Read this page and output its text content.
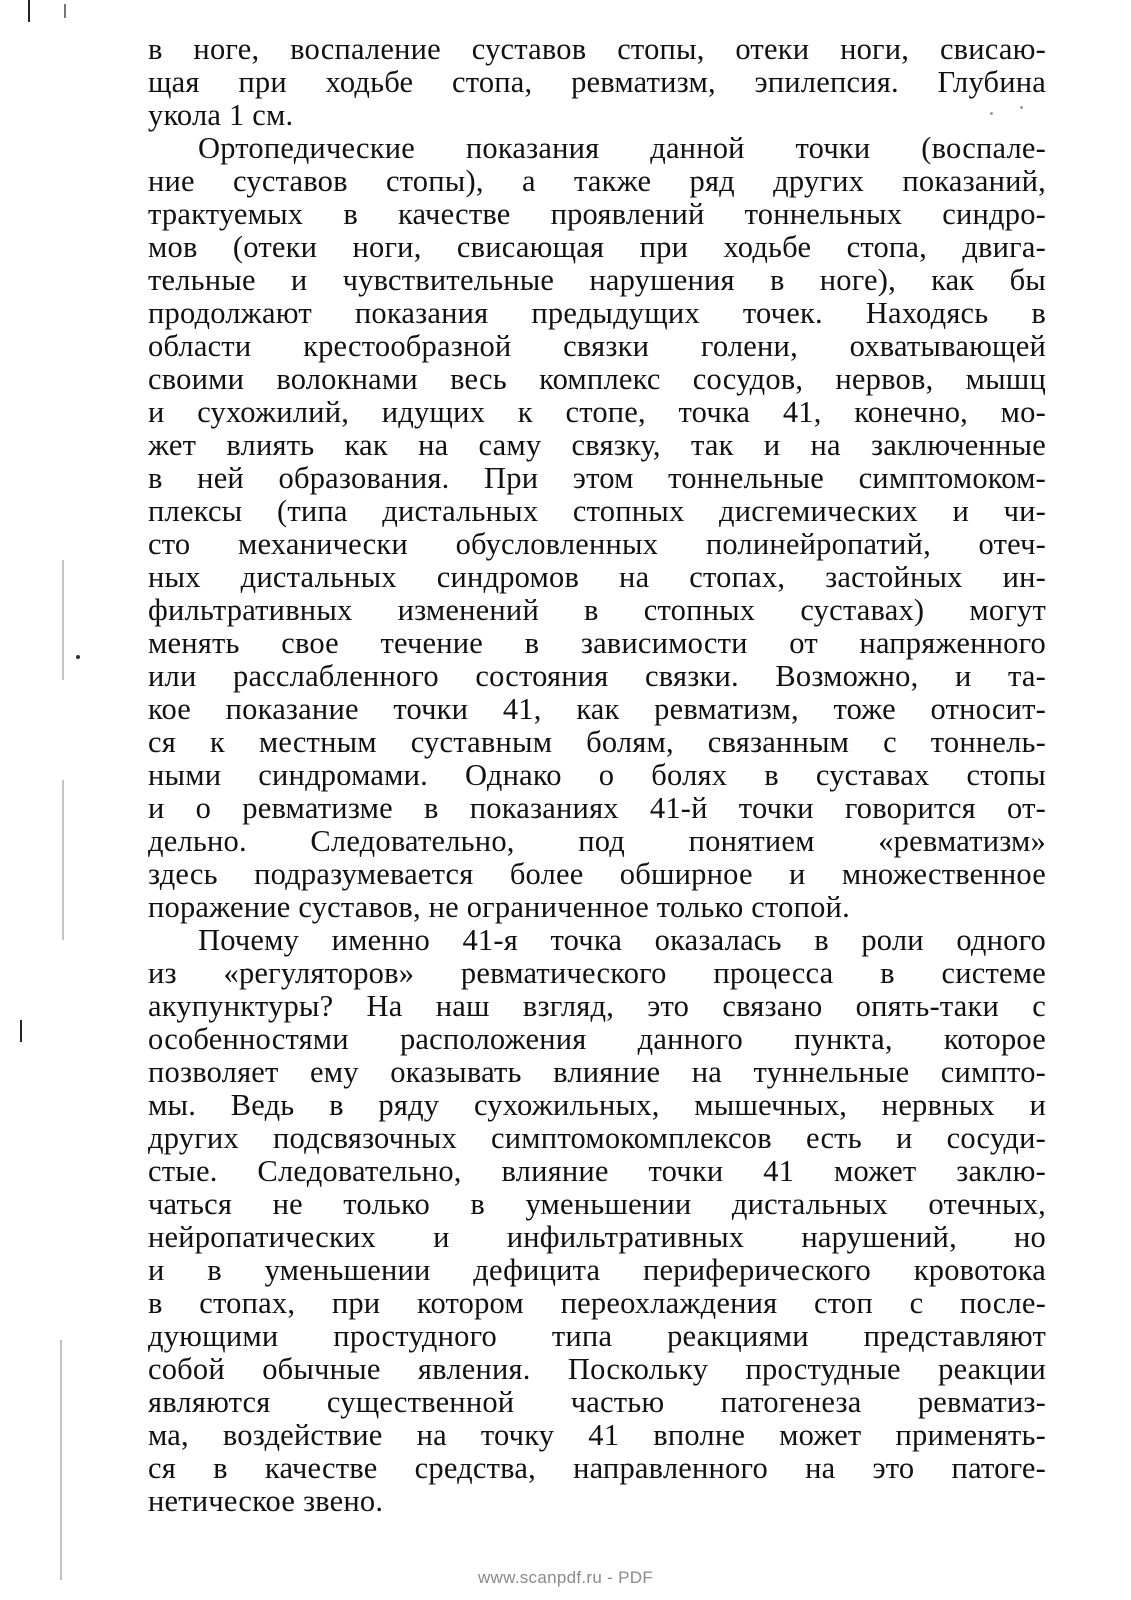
в ноге, воспаление суставов стопы, отеки ноги, свисаю-
щая при ходьбе стопа, ревматизм, эпилепсия. Глубина
укола 1 см.
Ортопедические показания данной точки (воспале-
ние суставов стопы), а также ряд других показаний,
трактуемых в качестве проявлений тоннельных синдро-
мов (отеки ноги, свисающая при ходьбе стопа, двига-
тельные и чувствительные нарушения в ноге), как бы
продолжают показания предыдущих точек. Находясь в
области крестообразной связки голени, охватывающей
своими волокнами весь комплекс сосудов, нервов, мышц
и сухожилий, идущих к стопе, точка 41, конечно, мо-
жет влиять как на саму связку, так и на заключенные
в ней образования. При этом тоннельные симптомоком-
плексы (типа дистальных стопных дисгемических и чи-
сто механически обусловленных полинейропатий, отеч-
ных дистальных синдромов на стопах, застойных ин-
фильтративных изменений в стопных суставах) могут
менять свое течение в зависимости от напряженного
или расслабленного состояния связки. Возможно, и та-
кое показание точки 41, как ревматизм, тоже относит-
ся к местным суставным болям, связанным с тоннель-
ными синдромами. Однако о болях в суставах стопы
и о ревматизме в показаниях 41-й точки говорится от-
дельно. Следовательно, под понятием «ревматизм»
здесь подразумевается более обширное и множественное
поражение суставов, не ограниченное только стопой.
Почему именно 41-я точка оказалась в роли одного
из «регуляторов» ревматического процесса в системе
акупунктуры? На наш взгляд, это связано опять-таки с
особенностями расположения данного пункта, которое
позволяет ему оказывать влияние на туннельные симпто-
мы. Ведь в ряду сухожильных, мышечных, нервных и
других подсвязочных симптомокомплексов есть и сосуди-
стые. Следовательно, влияние точки 41 может заклю-
чаться не только в уменьшении дистальных отечных,
нейропатических и инфильтративных нарушений, но
и в уменьшении дефицита периферического кровотока
в стопах, при котором переохлаждения стоп с после-
дующими простудного типа реакциями представляют
собой обычные явления. Поскольку простудные реакции
являются существенной частью патогенеза ревматиз-
ма, воздействие на точку 41 вполне может применять-
ся в качестве средства, направленного на это патоге-
нетическое звено.
www.scanpdf.ru - PDF
